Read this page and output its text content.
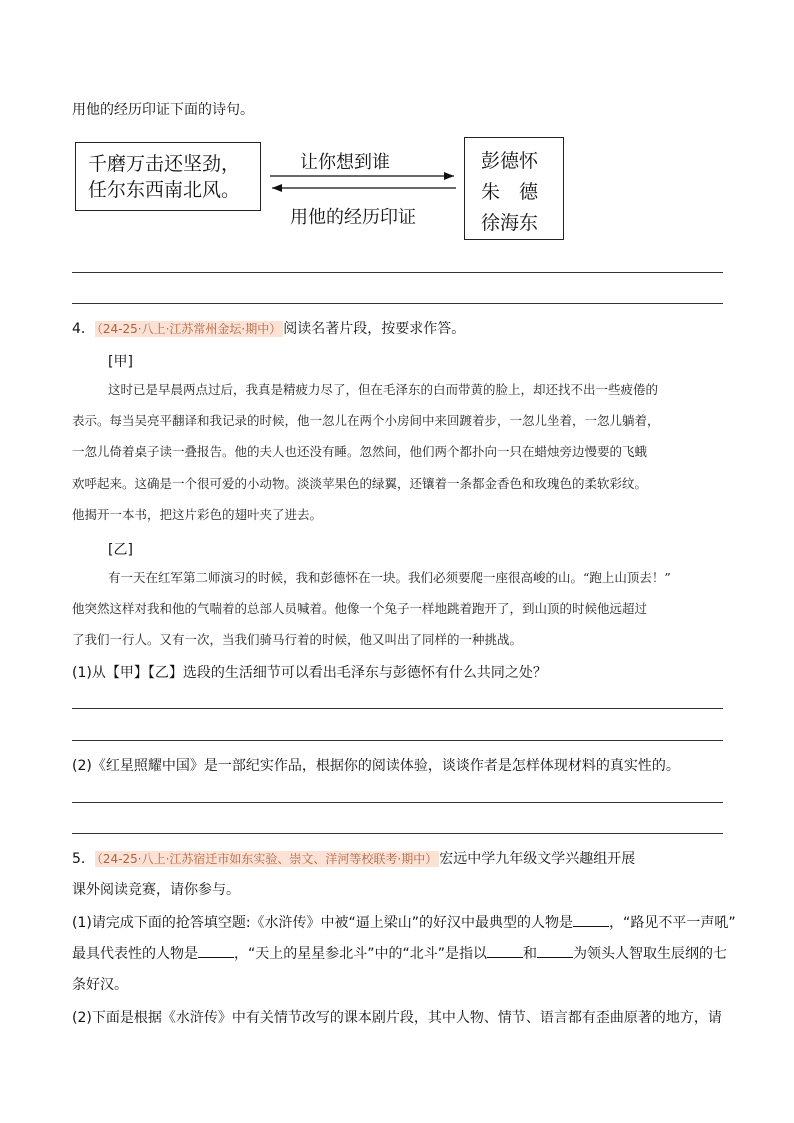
用他的经历印证下面的诗句。
千磨万击还坚劲，
任尔东西南北风。
让你想到谁
用他的经历印证
彭德怀
朱　德
徐海东
4． （24-25·八上·江苏常州金坛·期中） 阅读名著片段，按要求作答。
[甲]
这时已是早晨两点过后，我真是精疲力尽了，但在毛泽东的白而带黄的脸上，却还找不出一些疲倦的
表示。每当吴亮平翻译和我记录的时候，他一忽儿在两个小房间中来回踱着步，一忽儿坐着，一忽儿躺着，
一忽儿倚着桌子读一叠报告。他的夫人也还没有睡。忽然间，他们两个都扑向一只在蜡烛旁边慢要的飞蛾
欢呼起来。这确是一个很可爱的小动物。淡淡苹果色的绿翼，还镶着一条都金香色和玫瑰色的柔软彩纹。
他揭开一本书，把这片彩色的翅叶夹了进去。
[乙]
有一天在红军第二师演习的时候，我和彭德怀在一块。我们必须要爬一座很高峻的山。“跑上山顶去！”
他突然这样对我和他的气喘着的总部人员喊着。他像一个兔子一样地跳着跑开了，到山顶的时候他远超过
了我们一行人。又有一次，当我们骑马行着的时候，他又叫出了同样的一种挑战。
(1)从【甲】【乙】选段的生活细节可以看出毛泽东与彭德怀有什么共同之处？
(2)《红星照耀中国》是一部纪实作品，根据你的阅读体验，谈谈作者是怎样体现材料的真实性的。
5． （24-25·八上·江苏宿迁市如东实验、崇文、洋河等校联考·期中） 宏远中学九年级文学兴趣组开展
课外阅读竞赛，请你参与。
(1)请完成下面的抢答填空题:《水浒传》中被“逼上梁山”的好汉中最典型的人物是	，“路见不平一声吼”
最具代表性的人物是	，“天上的星星参北斗”中的“北斗”是指以	和	为领头人智取生辰纲的七
条好汉。
(2)下面是根据《水浒传》中有关情节改写的课本剧片段，其中人物、情节、语言都有歪曲原著的地方，请
